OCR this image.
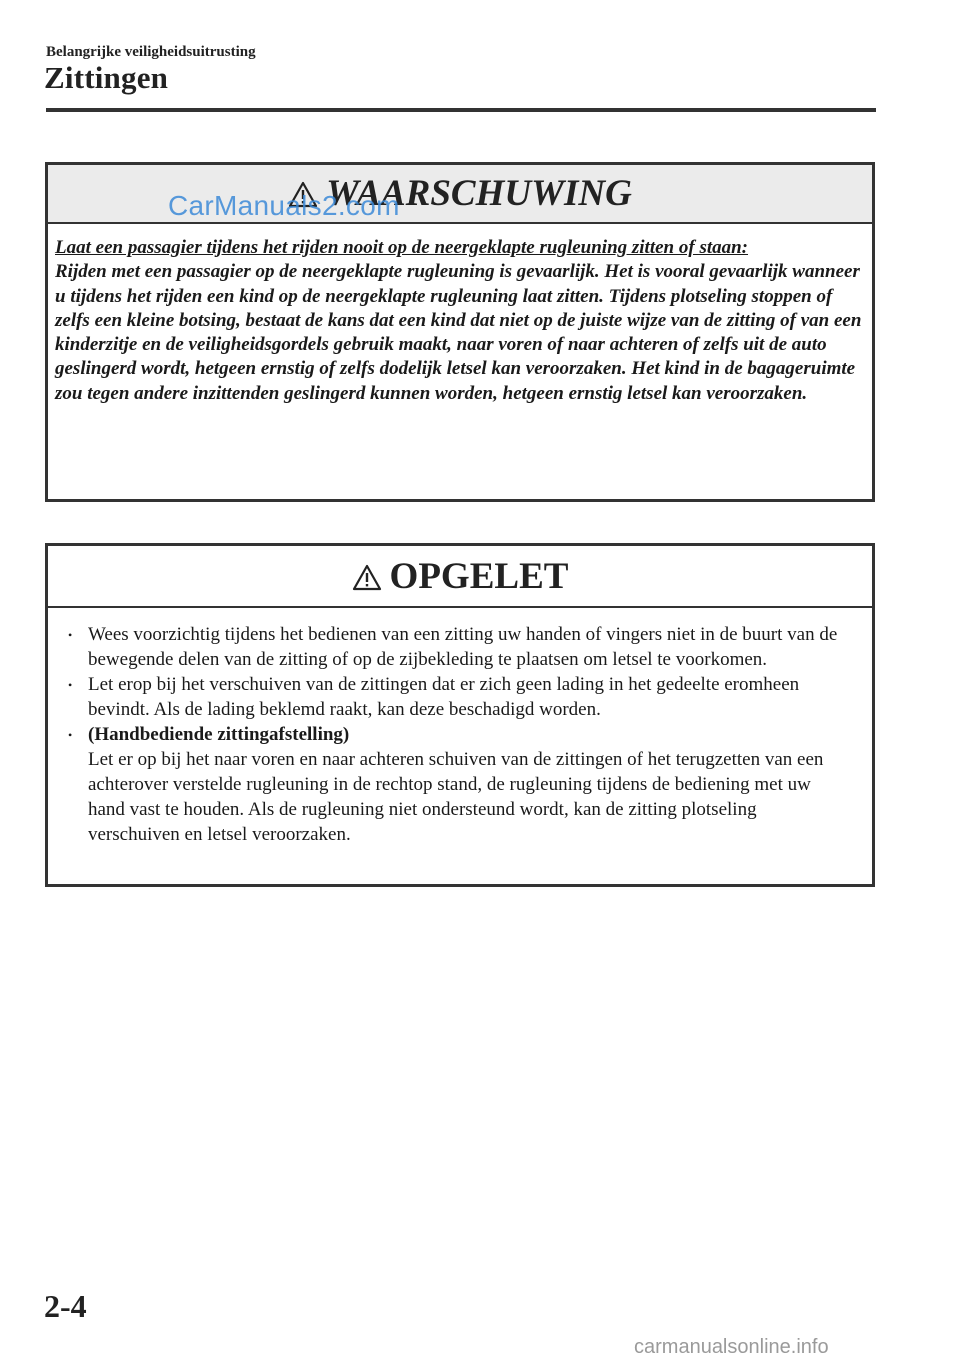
Belangrijke veiligheidsuitrusting
Zittingen
WAARSCHUWING
CarManuals2.com
Laat een passagier tijdens het rijden nooit op de neergeklapte rugleuning zitten of staan:
Rijden met een passagier op de neergeklapte rugleuning is gevaarlijk. Het is vooral gevaarlijk wanneer u tijdens het rijden een kind op de neergeklapte rugleuning laat zitten. Tijdens plotseling stoppen of zelfs een kleine botsing, bestaat de kans dat een kind dat niet op de juiste wijze van de zitting of van een kinderzitje en de veiligheidsgordels gebruik maakt, naar voren of naar achteren of zelfs uit de auto geslingerd wordt, hetgeen ernstig of zelfs dodelijk letsel kan veroorzaken. Het kind in de bagageruimte zou tegen andere inzittenden geslingerd kunnen worden, hetgeen ernstig letsel kan veroorzaken.
OPGELET
• Wees voorzichtig tijdens het bedienen van een zitting uw handen of vingers niet in de buurt van de bewegende delen van de zitting of op de zijbekleding te plaatsen om letsel te voorkomen.
• Let erop bij het verschuiven van de zittingen dat er zich geen lading in het gedeelte eromheen bevindt. Als de lading beklemd raakt, kan deze beschadigd worden.
• (Handbediende zittingafstelling)
Let er op bij het naar voren en naar achteren schuiven van de zittingen of het terugzetten van een achterover verstelde rugleuning in de rechtop stand, de rugleuning tijdens de bediening met uw hand vast te houden. Als de rugleuning niet ondersteund wordt, kan de zitting plotseling verschuiven en letsel veroorzaken.
2-4
carmanualsonline.info
